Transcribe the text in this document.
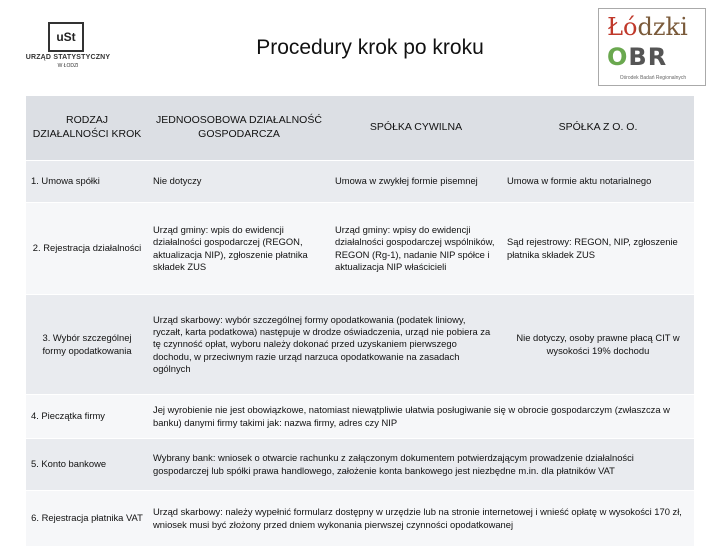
uSt
URZĄD STATYSTYCZNY
W ŁODZI
Procedury krok po kroku
Łódzki
OBR
Ośrodek Badań Regionalnych
RODZAJ DZIAŁALNOŚCI KROK	JEDNOOSOBOWA DZIAŁALNOŚĆ GOSPODARCZA	SPÓŁKA CYWILNA	SPÓŁKA Z O. O.
1. Umowa spółki	Nie dotyczy	Umowa w zwykłej formie pisemnej	Umowa w formie aktu notarialnego
2. Rejestracja działalności	Urząd gminy: wpis do ewidencji działalności gospodarczej (REGON, aktualizacja NIP), zgłoszenie płatnika składek ZUS	Urząd gminy: wpisy do ewidencji działalności gospodarczej wspólników, REGON (Rg-1), nadanie NIP spółce i aktualizacja NIP właścicieli	Sąd rejestrowy: REGON, NIP, zgłoszenie płatnika składek ZUS
3. Wybór szczególnej formy opodatkowania	Urząd skarbowy: wybór szczególnej formy opodatkowania (podatek liniowy, ryczałt, karta podatkowa) następuje w drodze oświadczenia, urząd nie pobiera za tę czynność opłat, wyboru należy dokonać przed uzyskaniem pierwszego dochodu, w przeciwnym razie urząd narzuca opodatkowanie na zasadach ogólnych		Nie dotyczy, osoby prawne płacą CIT w wysokości 19% dochodu
4. Pieczątka firmy	Jej wyrobienie nie jest obowiązkowe, natomiast niewątpliwie ułatwia posługiwanie się w obrocie gospodarczym (zwłaszcza w banku) danymi firmy takimi jak: nazwa firmy, adres czy NIP		
5. Konto bankowe	Wybrany bank: wniosek o otwarcie rachunku z załączonym dokumentem potwierdzającym prowadzenie działalności gospodarczej lub spółki prawa handlowego, założenie konta bankowego jest niezbędne m.in. dla płatników VAT		
6. Rejestracja płatnika VAT	Urząd skarbowy: należy wypełnić formularz dostępny w urzędzie lub na stronie internetowej i wnieść opłatę w wysokości 170 zł, wniosek musi być złożony przed dniem wykonania pierwszej czynności opodatkowanej		
